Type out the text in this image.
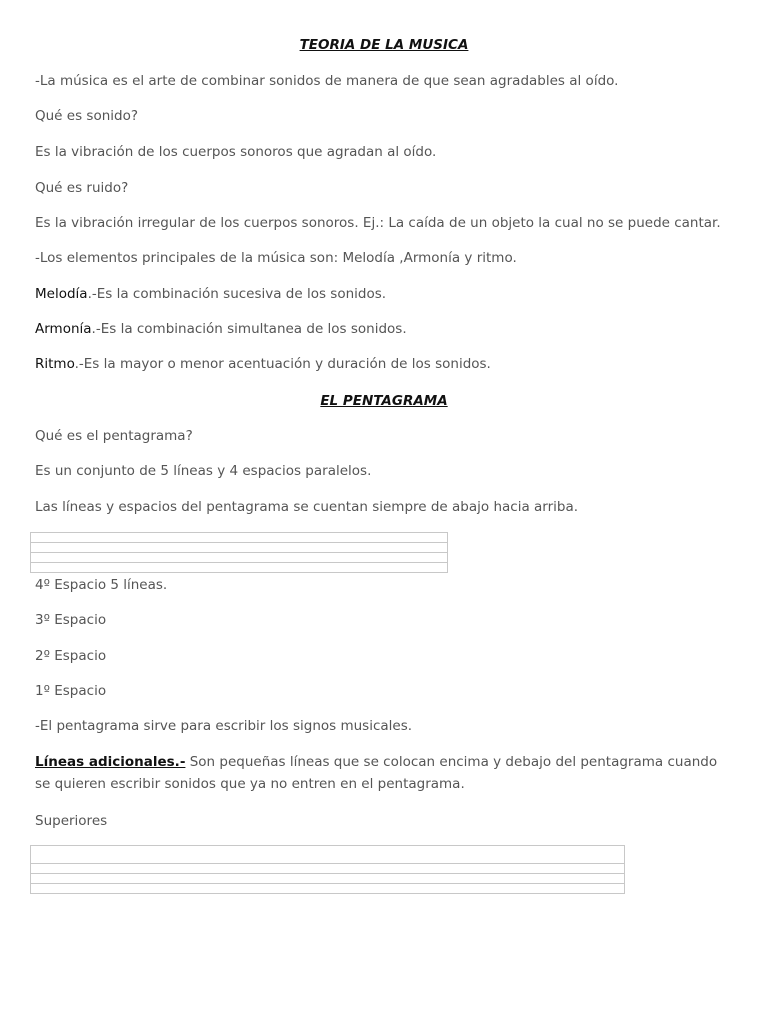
TEORIA DE LA MUSICA
-La música es el arte de combinar sonidos de manera de que sean agradables al oído.
Qué es sonido?
Es la vibración de los cuerpos sonoros que agradan al oído.
Qué es ruido?
Es la vibración irregular de los cuerpos sonoros. Ej.: La caída de un objeto la cual no se puede cantar.
-Los elementos principales de la música son: Melodía ,Armonía y ritmo.
Melodía.-Es la combinación sucesiva de los sonidos.
Armonía.-Es la combinación simultanea de los sonidos.
Ritmo.-Es la mayor o menor acentuación y duración de los sonidos.
EL PENTAGRAMA
Qué es el pentagrama?
Es un conjunto de 5 líneas y 4 espacios paralelos.
Las líneas y espacios del pentagrama se cuentan siempre de abajo hacia arriba.
4º Espacio 5 líneas.
3º Espacio
2º Espacio
1º Espacio
-El pentagrama sirve para escribir los signos musicales.
Líneas adicionales.- Son pequeñas líneas que se colocan encima y debajo del pentagrama cuando se quieren escribir sonidos que ya no entren en el pentagrama.
Superiores
